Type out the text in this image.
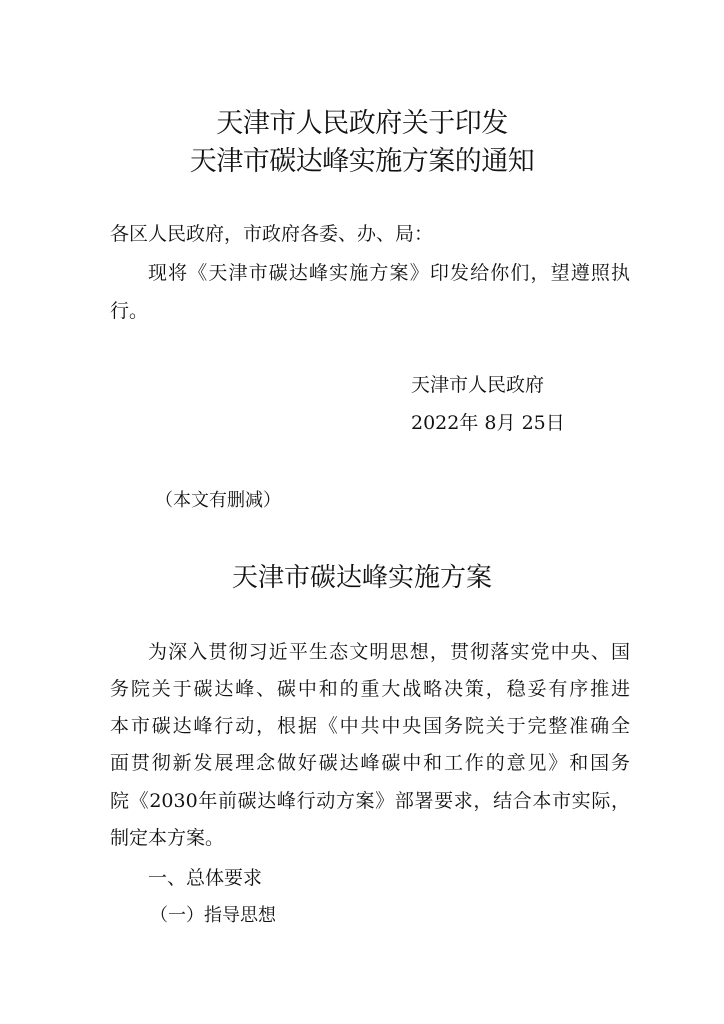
天津市人民政府关于印发
天津市碳达峰实施方案的通知
各区人民政府，市政府各委、办、局：
现将《天津市碳达峰实施方案》印发给你们，望遵照执
行。
天津市人民政府
2022年 8月 25日
（本文有删减）
天津市碳达峰实施方案
为深入贯彻习近平生态文明思想，贯彻落实党中央、国
务院关于碳达峰、碳中和的重大战略决策，稳妥有序推进
本市碳达峰行动，根据《中共中央国务院关于完整准确全
面贯彻新发展理念做好碳达峰碳中和工作的意见》和国务
院《2030年前碳达峰行动方案》部署要求，结合本市实际，
制定本方案。
一、总体要求
（一）指导思想
